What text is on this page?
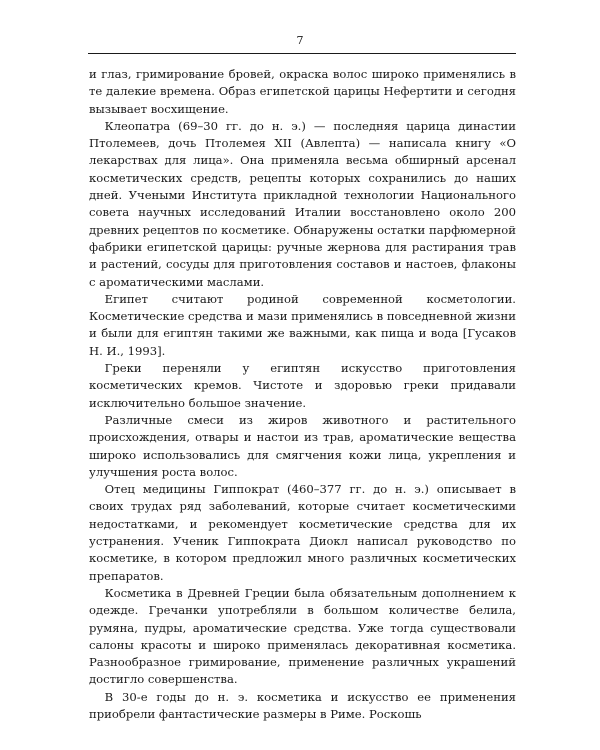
7

и глаз, гримирование бровей, окраска волос широко применялись в те далекие времена. Образ египетской царицы Нефертити и сегодня вызывает восхищение.

Клеопатра (69–30 гг. до н. э.) — последняя царица династии Птолемеев, дочь Птолемея XII (Авлепта) — написала книгу «О лекарствах для лица». Она применяла весьма обширный арсенал косметических средств, рецепты которых сохранились до наших дней. Учеными Института прикладной технологии Национального совета научных исследований Италии восстановлено около 200 древних рецептов по косметике. Обнаружены остатки парфюмерной фабрики египетской царицы: ручные жернова для растирания трав и растений, сосуды для приготовления составов и настоев, флаконы с ароматическими маслами.

Египет считают родиной современной косметологии. Косметические средства и мази применялись в повседневной жизни и были для египтян такими же важными, как пища и вода [Гусаков Н. И., 1993].

Греки переняли у египтян искусство приготовления косметических кремов. Чистоте и здоровью греки придавали исключительно большое значение.

Различные смеси из жиров животного и растительного происхождения, отвары и настои из трав, ароматические вещества широко использовались для смягчения кожи лица, укрепления и улучшения роста волос.

Отец медицины Гиппократ (460–377 гг. до н. э.) описывает в своих трудах ряд заболеваний, которые считает косметическими недостатками, и рекомендует косметические средства для их устранения. Ученик Гиппократа Диокл написал руководство по косметике, в котором предложил много различных косметических препаратов.

Косметика в Древней Греции была обязательным дополнением к одежде. Гречанки употребляли в большом количестве белила, румяна, пудры, ароматические средства. Уже тогда существовали салоны красоты и широко применялась декоративная косметика. Разнообразное гримирование, применение различных украшений достигло совершенства.

В 30-е годы до н. э. косметика и искусство ее применения приобрели фантастические размеры в Риме. Роскошь
